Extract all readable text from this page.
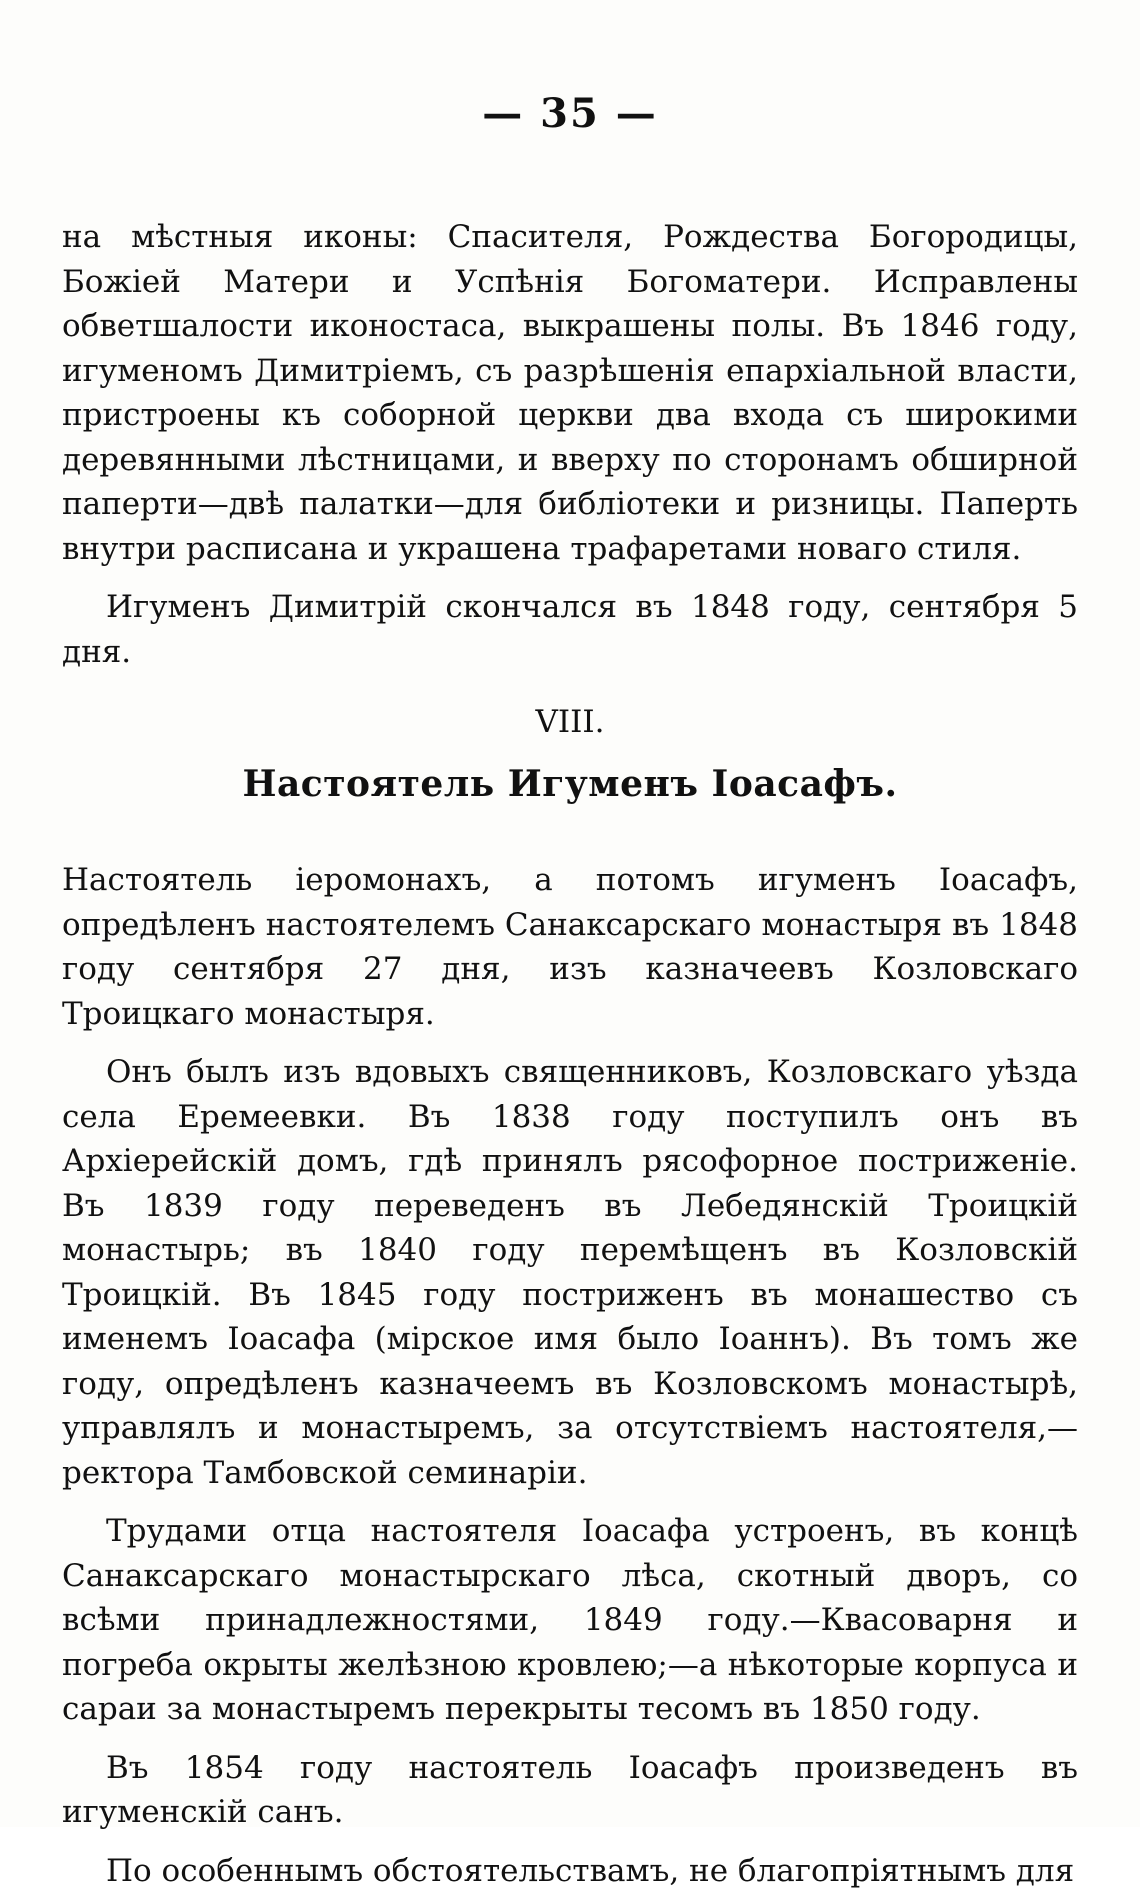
— 35 —

на мѣстныя иконы: Спасителя, Рождества Богородицы, Божіей Матери и Успѣнія Богоматери. Исправлены обветшалости иконостаса, выкрашены полы. Въ 1846 году, игуменомъ Димитріемъ, съ разрѣшенія епархіальной власти, пристроены къ соборной церкви два входа съ широкими деревянными лѣстницами, и вверху по сторонамъ обширной паперти—двѣ палатки—для библіотеки и ризницы. Паперть внутри расписана и украшена трафаретами новаго стиля.

Игуменъ Димитрій скончался въ 1848 году, сентября 5 дня.

VIII.

Настоятель Игуменъ Іоасафъ.

Настоятель іеромонахъ, а потомъ игуменъ Іоасафъ, опредѣленъ настоятелемъ Санаксарскаго монастыря въ 1848 году сентября 27 дня, изъ казначеевъ Козловскаго Троицкаго монастыря.

Онъ былъ изъ вдовыхъ священниковъ, Козловскаго уѣзда села Еремеевки. Въ 1838 году поступилъ онъ въ Архіерейскій домъ, гдѣ принялъ рясофорное постриженіе. Въ 1839 году переведенъ въ Лебедянскій Троицкій монастырь; въ 1840 году перемѣщенъ въ Козловскій Троицкій. Въ 1845 году постриженъ въ монашество съ именемъ Іоасафа (мірское имя было Іоаннъ). Въ томъ же году, опредѣленъ казначеемъ въ Козловскомъ монастырѣ, управлялъ и монастыремъ, за отсутствіемъ настоятеля,—ректора Тамбовской семинаріи.

Трудами отца настоятеля Іоасафа устроенъ, въ концѣ Санаксарскаго монастырскаго лѣса, скотный дворъ, со всѣми принадлежностями, 1849 году.—Квасоварня и погреба окрыты желѣзною кровлею;—а нѣкоторые корпуса и сараи за монастыремъ перекрыты тесомъ въ 1850 году.

Въ 1854 году настоятель Іоасафъ произведенъ въ игуменскій санъ.

По особеннымъ обстоятельствамъ, не благопріятнымъ для
